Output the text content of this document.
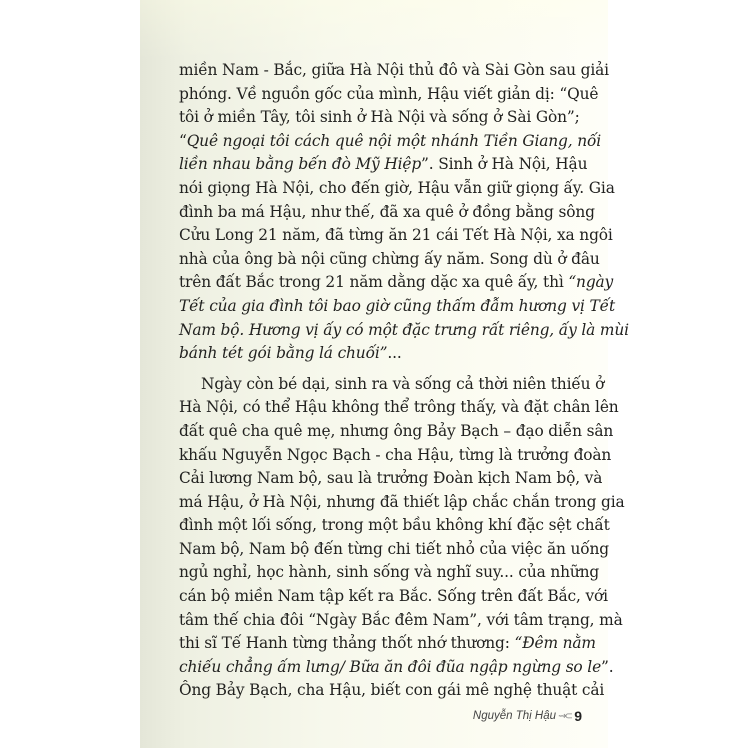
miền Nam - Bắc, giữa Hà Nội thủ đô và Sài Gòn sau giải
phóng. Về nguồn gốc của mình, Hậu viết giản dị: “Quê
tôi ở miền Tây, tôi sinh ở Hà Nội và sống ở Sài Gòn”;
“Quê ngoại tôi cách quê nội một nhánh Tiền Giang, nối
liền nhau bằng bến đò Mỹ Hiệp”. Sinh ở Hà Nội, Hậu
nói giọng Hà Nội, cho đến giờ, Hậu vẫn giữ giọng ấy. Gia
đình ba má Hậu, như thế, đã xa quê ở đồng bằng sông
Cửu Long 21 năm, đã từng ăn 21 cái Tết Hà Nội, xa ngôi
nhà của ông bà nội cũng chừng ấy năm. Song dù ở đâu
trên đất Bắc trong 21 năm dằng dặc xa quê ấy, thì “ngày
Tết của gia đình tôi bao giờ cũng thấm đẫm hương vị Tết
Nam bộ. Hương vị ấy có một đặc trưng rất riêng, ấy là mùi
bánh tét gói bằng lá chuối”...
Ngày còn bé dại, sinh ra và sống cả thời niên thiếu ở
Hà Nội, có thể Hậu không thể trông thấy, và đặt chân lên
đất quê cha quê mẹ, nhưng ông Bảy Bạch – đạo diễn sân
khấu Nguyễn Ngọc Bạch - cha Hậu, từng là trưởng đoàn
Cải lương Nam bộ, sau là trưởng Đoàn kịch Nam bộ, và
má Hậu, ở Hà Nội, nhưng đã thiết lập chắc chắn trong gia
đình một lối sống, trong một bầu không khí đặc sệt chất
Nam bộ, Nam bộ đến từng chi tiết nhỏ của việc ăn uống
ngủ nghỉ, học hành, sinh sống và nghĩ suy... của những
cán bộ miền Nam tập kết ra Bắc. Sống trên đất Bắc, với
tâm thế chia đôi “Ngày Bắc đêm Nam”, với tâm trạng, mà
thi sĩ Tế Hanh từng thảng thốt nhớ thương: “Đêm nằm
chiếu chẳng ấm lưng/ Bữa ăn đôi đũa ngập ngừng so le”.
Ông Bảy Bạch, cha Hậu, biết con gái mê nghệ thuật cải
Nguyễn Thị Hậu ⇝⊂ 9
